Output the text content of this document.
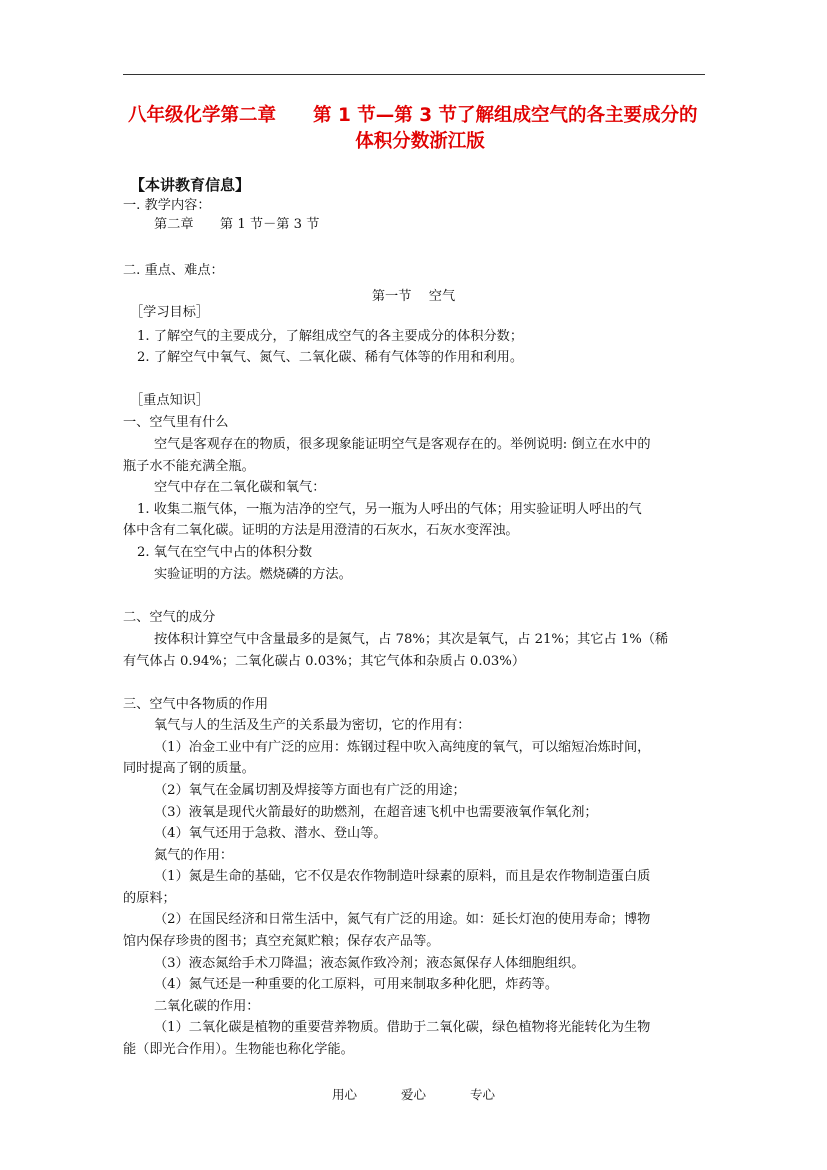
八年级化学第二章　　第 1 节—第 3 节了解组成空气的各主要成分的
体积分数浙江版
【本讲教育信息】
一. 教学内容：
第二章　　第 1 节－第 3 节
二. 重点、难点：
第一节　 空气
［学习目标］
1. 了解空气的主要成分，了解组成空气的各主要成分的体积分数；
2. 了解空气中氧气、氮气、二氧化碳、稀有气体等的作用和利用。
［重点知识］
一、空气里有什么
空气是客观存在的物质，很多现象能证明空气是客观存在的。举例说明: 倒立在水中的
瓶子水不能充满全瓶。
空气中存在二氧化碳和氧气：
1. 收集二瓶气体，一瓶为洁净的空气，另一瓶为人呼出的气体；用实验证明人呼出的气
体中含有二氧化碳。证明的方法是用澄清的石灰水，石灰水变浑浊。
2. 氧气在空气中占的体积分数
实验证明的方法。燃烧磷的方法。
二、空气的成分
按体积计算空气中含量最多的是氮气，占 78%；其次是氧气，占 21%；其它占 1%（稀
有气体占 0.94%；二氧化碳占 0.03%；其它气体和杂质占 0.03%）
三、空气中各物质的作用
氧气与人的生活及生产的关系最为密切，它的作用有：
（1）冶金工业中有广泛的应用：炼钢过程中吹入高纯度的氧气，可以缩短冶炼时间，
同时提高了钢的质量。
（2）氧气在金属切割及焊接等方面也有广泛的用途；
（3）液氧是现代火箭最好的助燃剂，在超音速飞机中也需要液氧作氧化剂；
（4）氧气还用于急救、潜水、登山等。
氮气的作用：
（1）氮是生命的基础，它不仅是农作物制造叶绿素的原料，而且是农作物制造蛋白质
的原料；
（2）在国民经济和日常生活中，氮气有广泛的用途。如：延长灯泡的使用寿命；博物
馆内保存珍贵的图书；真空充氮贮粮；保存农产品等。
（3）液态氮给手术刀降温；液态氮作致冷剂；液态氮保存人体细胞组织。
（4）氮气还是一种重要的化工原料，可用来制取多种化肥，炸药等。
二氧化碳的作用：
（1）二氧化碳是植物的重要营养物质。借助于二氧化碳，绿色植物将光能转化为生物
能（即光合作用）。生物能也称化学能。
用心	爱心	专心
